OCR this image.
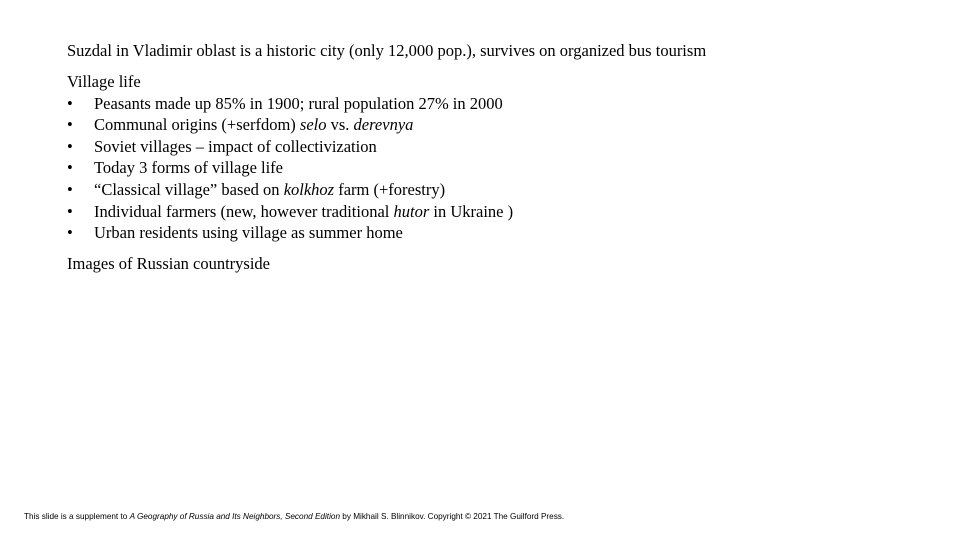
Suzdal in Vladimir oblast is a historic city (only 12,000 pop.), survives on organized bus tourism
Village life
• Peasants made up 85% in 1900; rural population 27% in 2000
• Communal origins (+serfdom) selo vs. derevnya
• Soviet villages – impact of collectivization
• Today 3 forms of village life
• “Classical village” based on kolkhoz farm (+forestry)
• Individual farmers (new, however traditional hutor in Ukraine )
• Urban residents using village as summer home
Images of Russian countryside
This slide is a supplement to A Geography of Russia and Its Neighbors, Second Edition by Mikhail S. Blinnikov. Copyright © 2021 The Guilford Press.
